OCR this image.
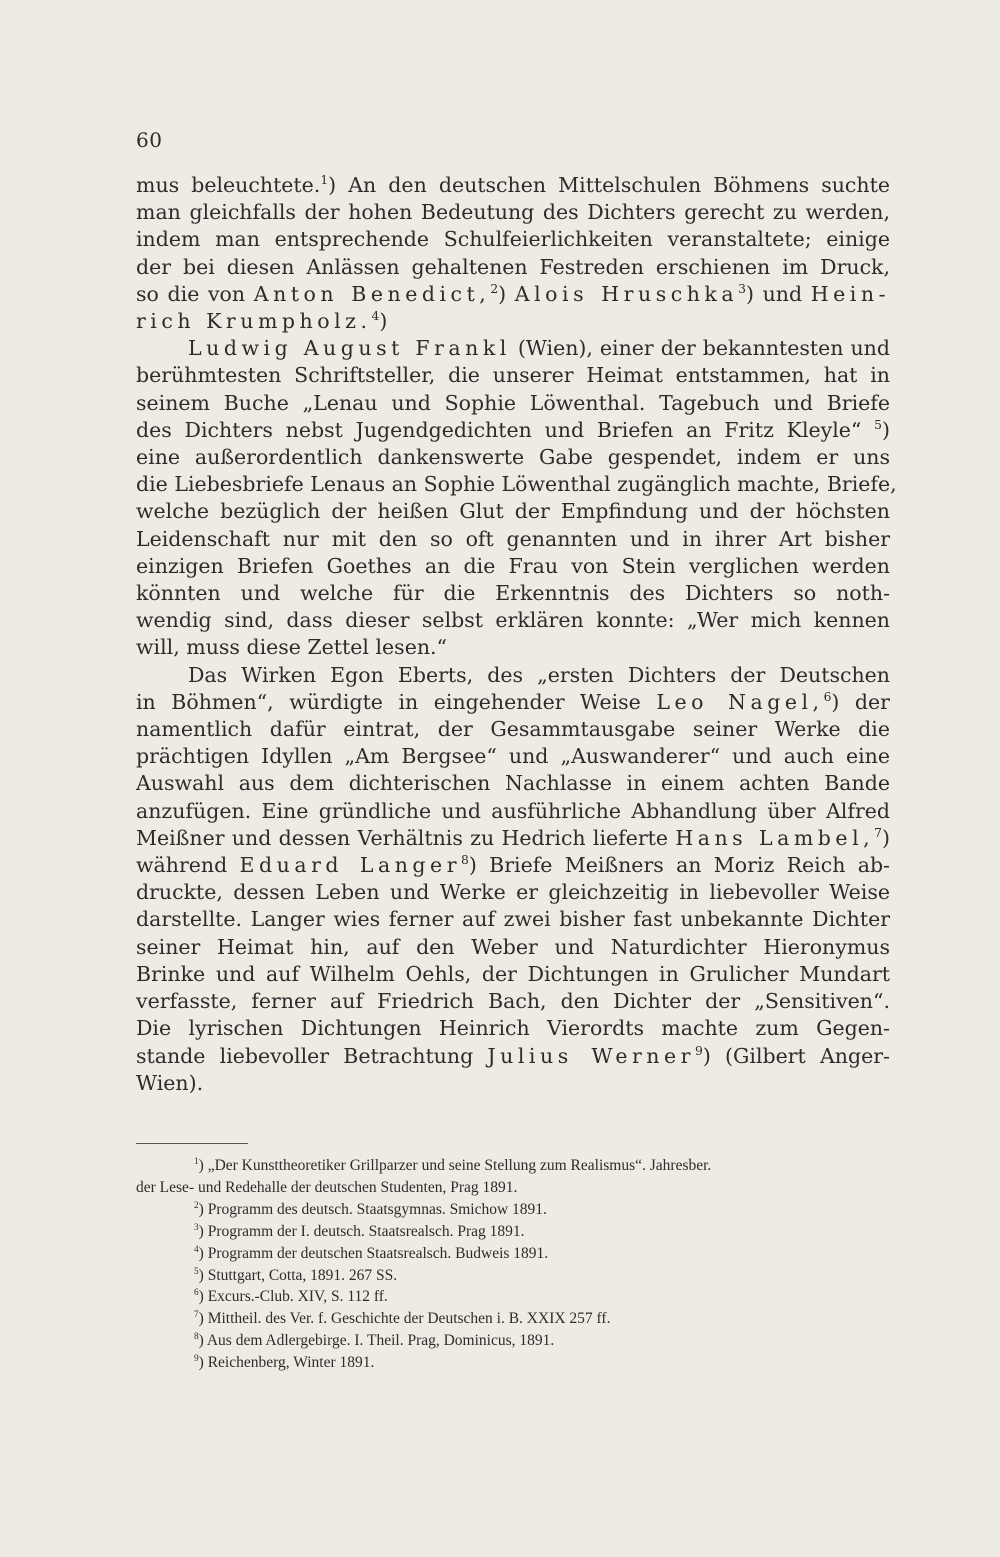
60
mus beleuchtete.$^1$) An den deutschen Mittelschulen Böhmens suchte
man gleichfalls der hohen Bedeutung des Dichters gerecht zu werden,
indem man entsprechende Schulfeierlichkeiten veranstaltete; einige
der bei diesen Anlässen gehaltenen Festreden erschienen im Druck,
so die von Anton Benedict,$^2$) Alois Hruschka$^3$) und Hein-
rich Krumpholz.$^4$)
Ludwig August Frankl (Wien), einer der bekanntesten und
berühmtesten Schriftsteller, die unserer Heimat entstammen, hat in
seinem Buche „Lenau und Sophie Löwenthal. Tagebuch und Briefe
des Dichters nebst Jugendgedichten und Briefen an Fritz Kleyle“ $^5$)
eine außerordentlich dankenswerte Gabe gespendet, indem er uns
die Liebesbriefe Lenaus an Sophie Löwenthal zugänglich machte, Briefe,
welche bezüglich der heißen Glut der Empfindung und der höchsten
Leidenschaft nur mit den so oft genannten und in ihrer Art bisher
einzigen Briefen Goethes an die Frau von Stein verglichen werden
könnten und welche für die Erkenntnis des Dichters so noth-
wendig sind, dass dieser selbst erklären konnte: „Wer mich kennen
will, muss diese Zettel lesen.“
Das Wirken Egon Eberts, des „ersten Dichters der Deutschen
in Böhmen“, würdigte in eingehender Weise Leo Nagel,$^6$) der
namentlich dafür eintrat, der Gesammtausgabe seiner Werke die
prächtigen Idyllen „Am Bergsee“ und „Auswanderer“ und auch eine
Auswahl aus dem dichterischen Nachlasse in einem achten Bande
anzufügen. Eine gründliche und ausführliche Abhandlung über Alfred
Meißner und dessen Verhältnis zu Hedrich lieferte Hans Lambel,$^7$)
während Eduard Langer$^8$) Briefe Meißners an Moriz Reich ab-
druckte, dessen Leben und Werke er gleichzeitig in liebevoller Weise
darstellte. Langer wies ferner auf zwei bisher fast unbekannte Dichter
seiner Heimat hin, auf den Weber und Naturdichter Hieronymus
Brinke und auf Wilhelm Oehls, der Dichtungen in Grulicher Mundart
verfasste, ferner auf Friedrich Bach, den Dichter der „Sensitiven“.
Die lyrischen Dichtungen Heinrich Vierordts machte zum Gegen-
stande liebevoller Betrachtung Julius Werner$^9$) (Gilbert Anger-
Wien).
$^1$) „Der Kunsttheoretiker Grillparzer und seine Stellung zum Realismus“. Jahresber.
der Lese- und Redehalle der deutschen Studenten, Prag 1891.
$^2$) Programm des deutsch. Staatsgymnas. Smichow 1891.
$^3$) Programm der I. deutsch. Staatsrealsch. Prag 1891.
$^4$) Programm der deutschen Staatsrealsch. Budweis 1891.
$^5$) Stuttgart, Cotta, 1891. 267 SS.
$^6$) Excurs.-Club. XIV, S. 112 ff.
$^7$) Mittheil. des Ver. f. Geschichte der Deutschen i. B. XXIX 257 ff.
$^8$) Aus dem Adlergebirge. I. Theil. Prag, Dominicus, 1891.
$^9$) Reichenberg, Winter 1891.
